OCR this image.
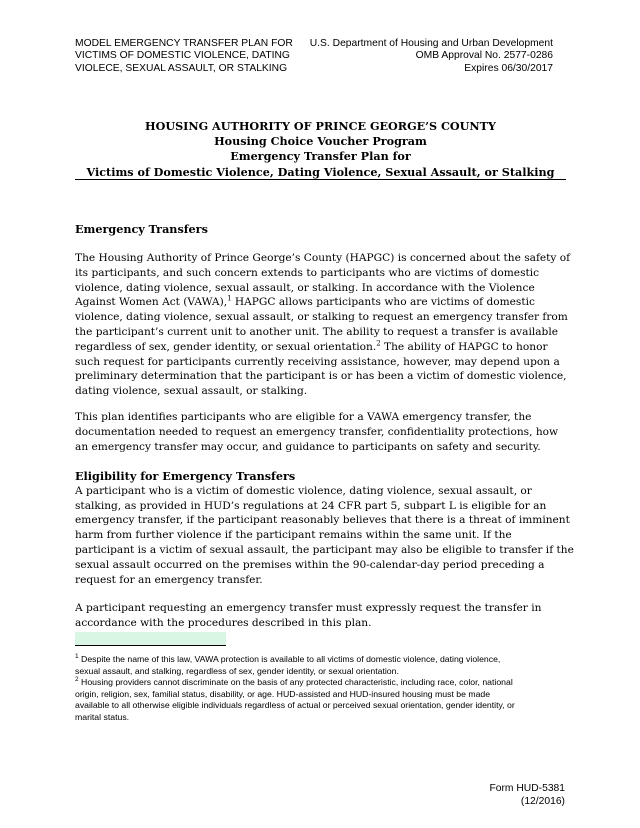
MODEL EMERGENCY TRANSFER PLAN FOR
VICTIMS OF DOMESTIC VIOLENCE, DATING
VIOLECE, SEXUAL ASSAULT, OR STALKING
U.S. Department of Housing and Urban Development
OMB Approval No. 2577-0286
Expires 06/30/2017
HOUSING AUTHORITY OF PRINCE GEORGE’S COUNTY
Housing Choice Voucher Program
Emergency Transfer Plan for
Victims of Domestic Violence, Dating Violence, Sexual Assault, or Stalking
Emergency Transfers
The Housing Authority of Prince George’s County (HAPGC) is concerned about the safety of
its participants, and such concern extends to participants who are victims of domestic
violence, dating violence, sexual assault, or stalking. In accordance with the Violence
Against Women Act (VAWA),$^1$ HAPGC allows participants who are victims of domestic
violence, dating violence, sexual assault, or stalking to request an emergency transfer from
the participant’s current unit to another unit. The ability to request a transfer is available
regardless of sex, gender identity, or sexual orientation.$^2$ The ability of HAPGC to honor
such request for participants currently receiving assistance, however, may depend upon a
preliminary determination that the participant is or has been a victim of domestic violence,
dating violence, sexual assault, or stalking.
This plan identifies participants who are eligible for a VAWA emergency transfer, the
documentation needed to request an emergency transfer, confidentiality protections, how
an emergency transfer may occur, and guidance to participants on safety and security.
Eligibility for Emergency Transfers
A participant who is a victim of domestic violence, dating violence, sexual assault, or
stalking, as provided in HUD’s regulations at 24 CFR part 5, subpart L is eligible for an
emergency transfer, if the participant reasonably believes that there is a threat of imminent
harm from further violence if the participant remains within the same unit. If the
participant is a victim of sexual assault, the participant may also be eligible to transfer if the
sexual assault occurred on the premises within the 90-calendar-day period preceding a
request for an emergency transfer.
A participant requesting an emergency transfer must expressly request the transfer in
accordance with the procedures described in this plan.
$^1$ Despite the name of this law, VAWA protection is available to all victims of domestic violence, dating violence,
sexual assault, and stalking, regardless of sex, gender identity, or sexual orientation.
$^2$ Housing providers cannot discriminate on the basis of any protected characteristic, including race, color, national
origin, religion, sex, familial status, disability, or age. HUD-assisted and HUD-insured housing must be made
available to all otherwise eligible individuals regardless of actual or perceived sexual orientation, gender identity, or
marital status.
Form HUD-5381
(12/2016)
